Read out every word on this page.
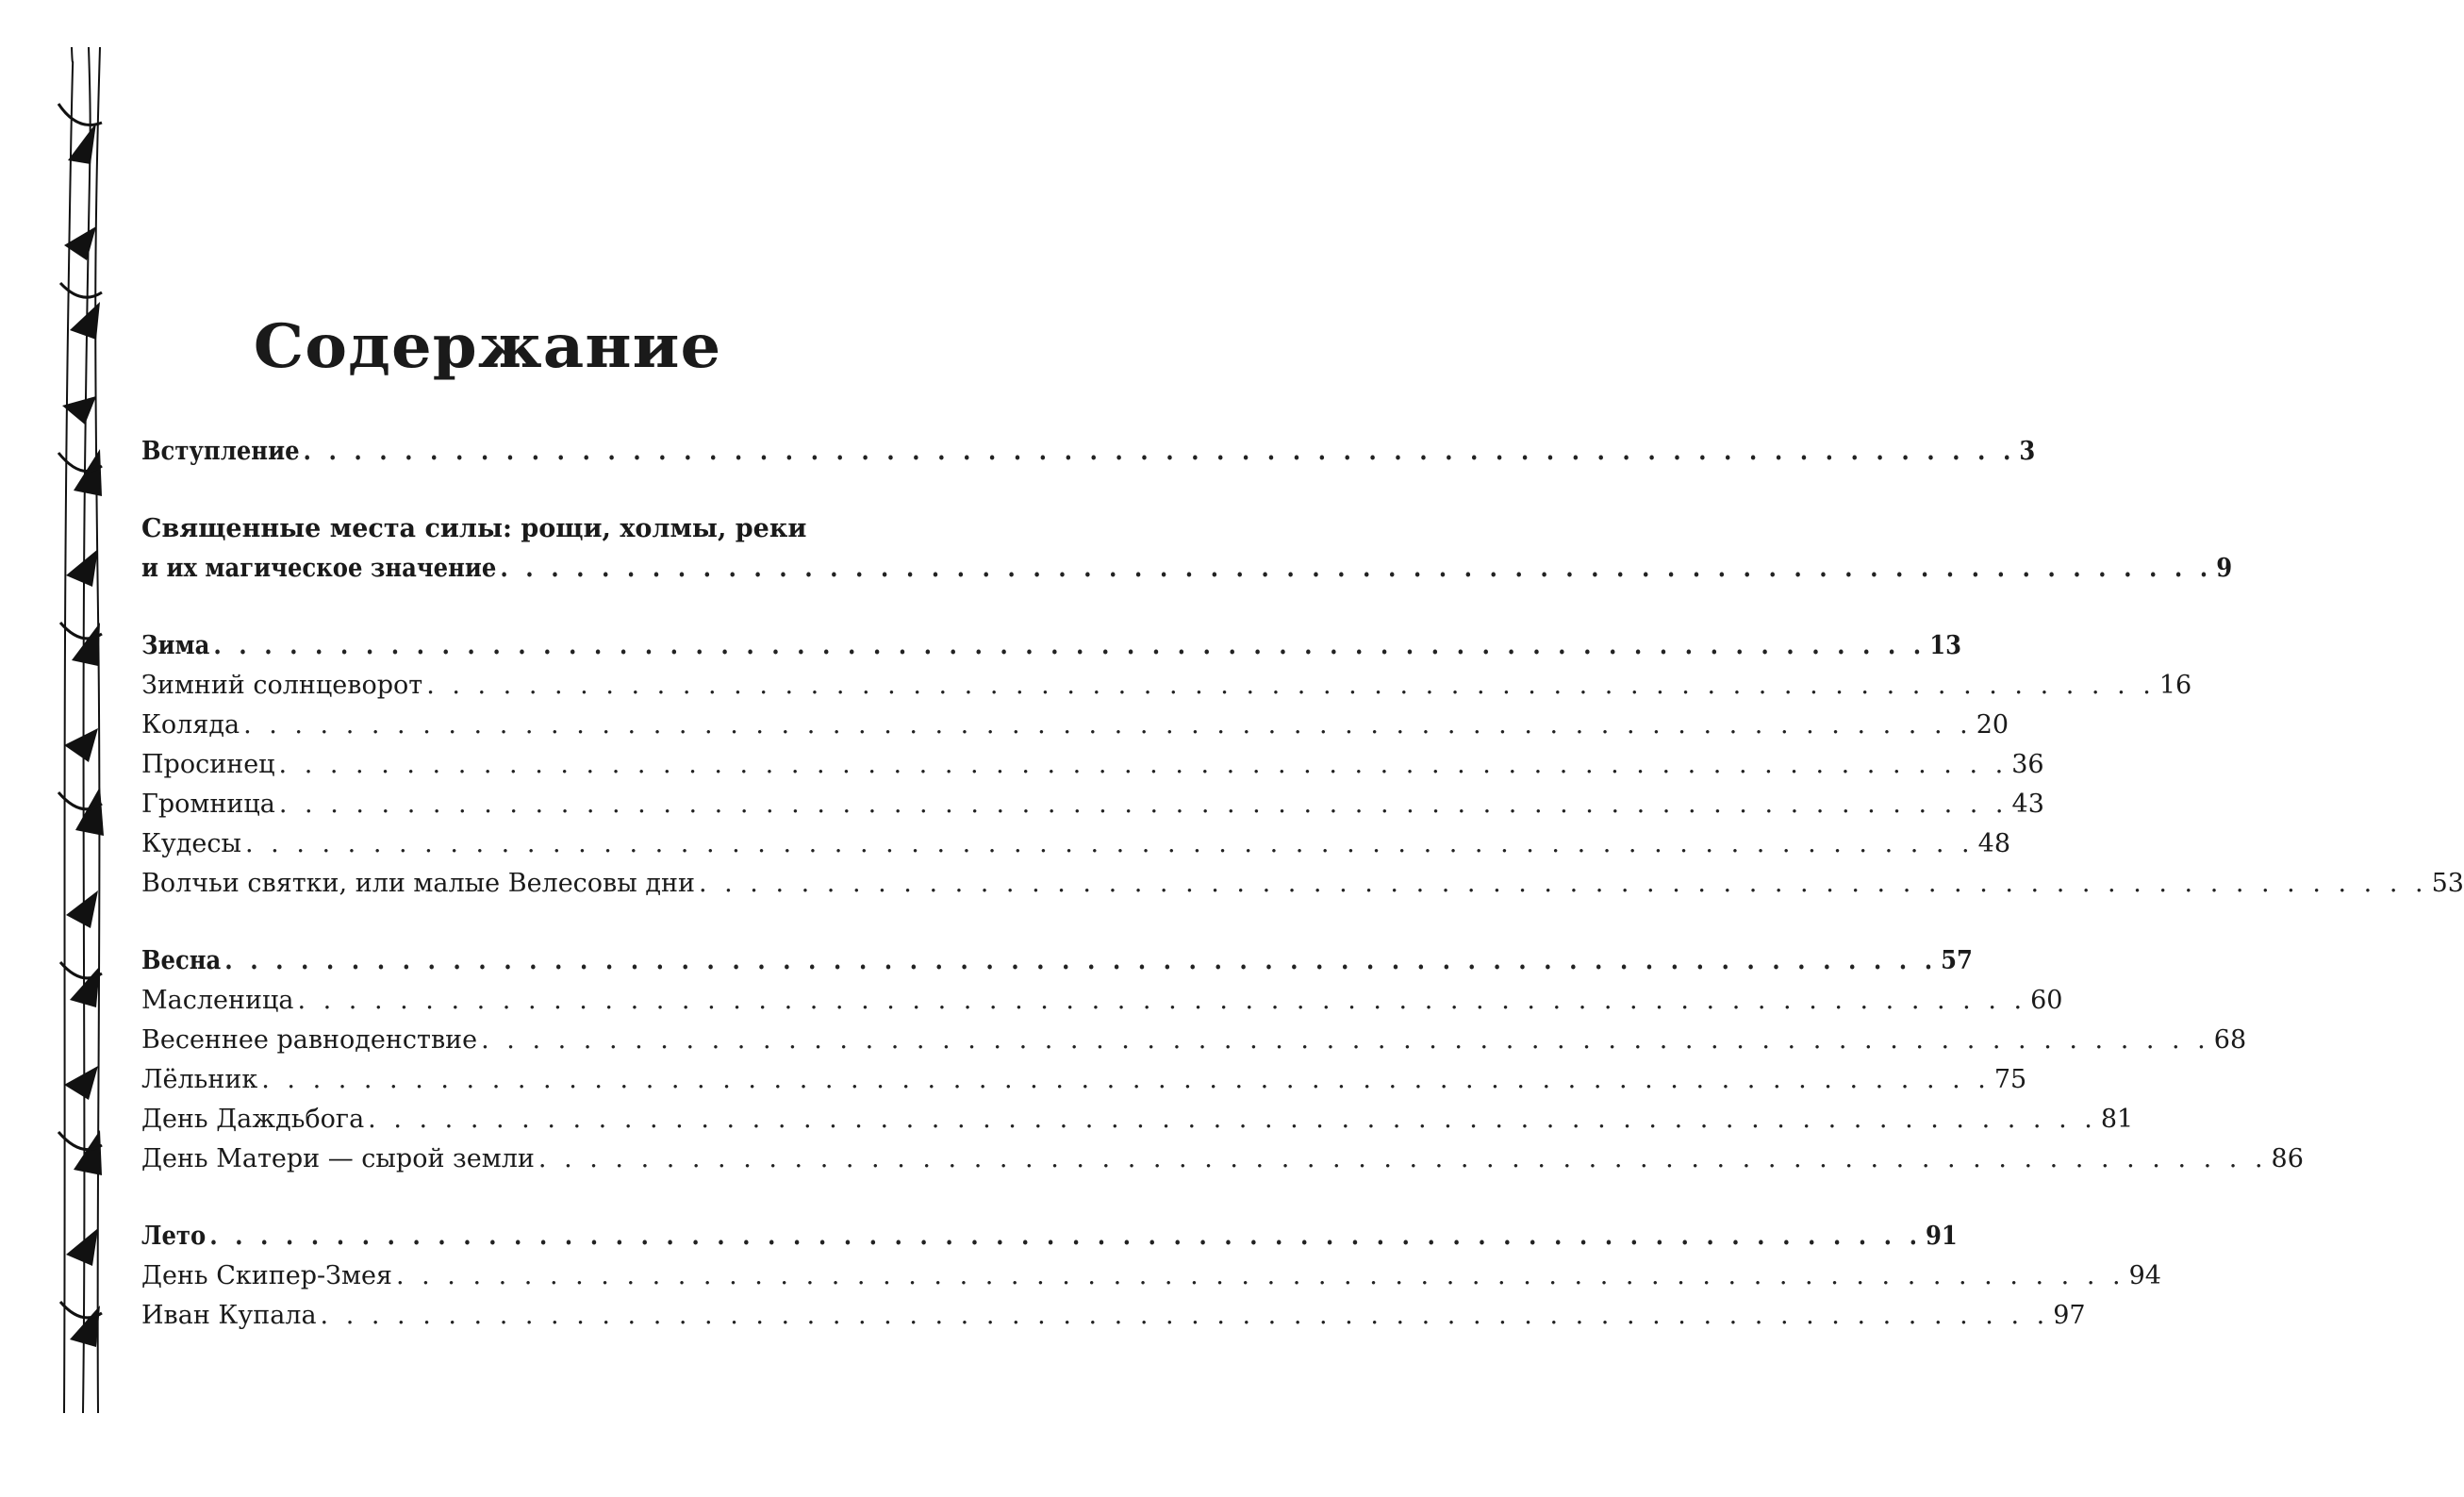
Содержание
Вступление . . .	3
Священные места силы: рощи, холмы, реки
и их магическое значение . . .	9
Зима . . .	13
Зимний солнцеворот . . .	16
Коляда . . .	20
Просинец . . .	36
Громница . . .	43
Кудесы . . .	48
Волчьи святки, или малые Велесовы дни . . .	53
Весна . . .	57
Масленица . . .	60
Весеннее равноденствие . . .	68
Лёльник . . .	75
День Даждьбога . . .	81
День Матери — сырой земли . . .	86
Лето . . .	91
День Скипер-Змея . . .	94
Иван Купала . . .	97
